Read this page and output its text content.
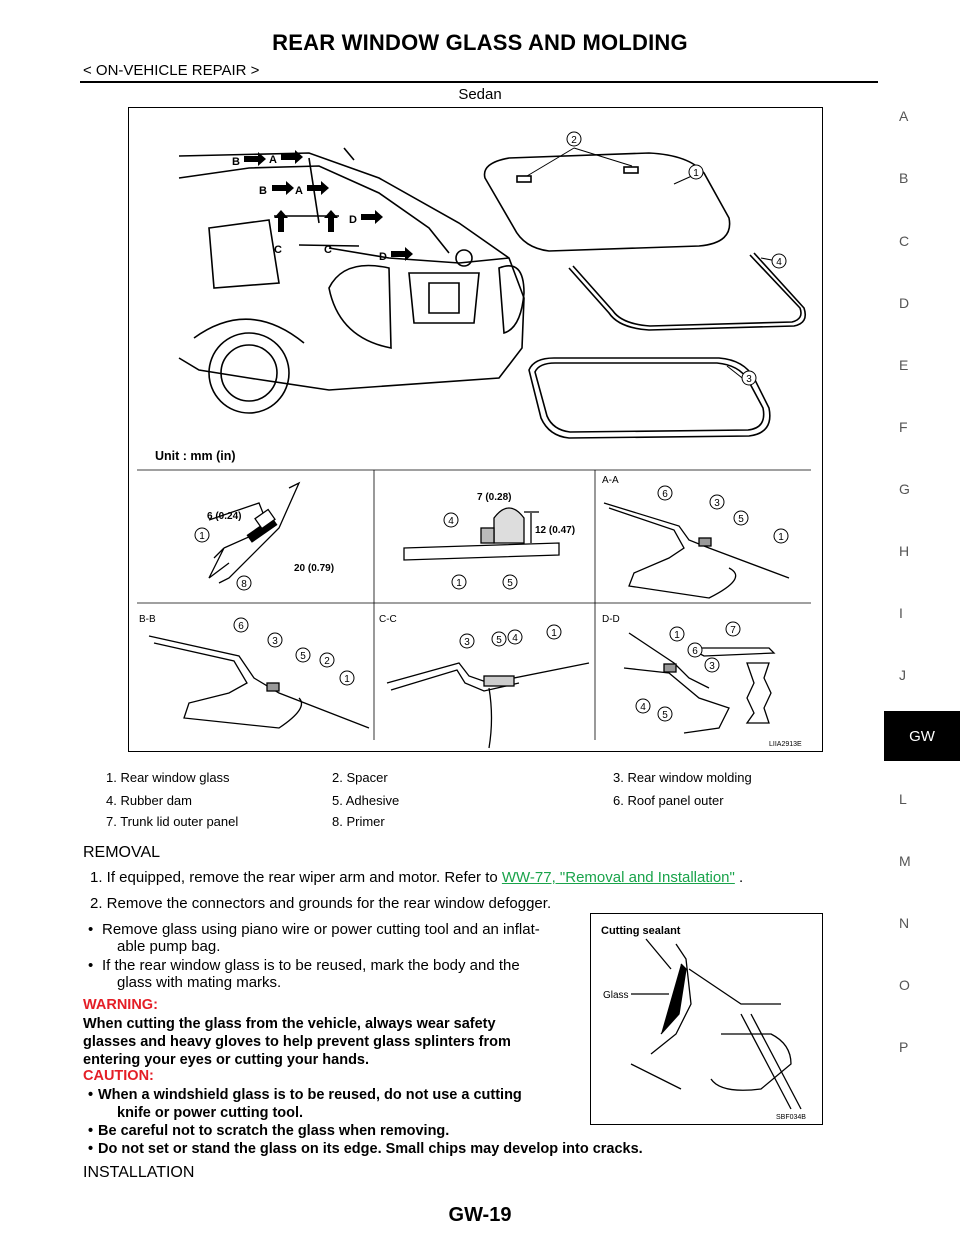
REAR WINDOW GLASS AND MOLDING
< ON-VEHICLE REPAIR >
Sedan
A
B
C
D
E
F
G
H
I
J
L
M
N
O
P
GW
2
1
4
3
B	A
B	A
D
C	C
D
Unit : mm (in)
6 (0.24)
20 (0.79)
1
8
7 (0.28)
12 (0.47)
4
1	5
A-A
6
3
5
1
B-B
6
3
5 2
1
C-C
3	5 4	1
D-D
1	7
6
3
4
5
LIIA2913E
1. Rear window glass	2. Spacer	3. Rear window molding
4. Rubber dam	5. Adhesive	6. Roof panel outer
7. Trunk lid outer panel	8. Primer
REMOVAL
1. If equipped, remove the rear wiper arm and motor. Refer to WW-77, "Removal and Installation" .
2. Remove the connectors and grounds for the rear window defogger.
• Remove glass using piano wire or power cutting tool and an inflat-
able pump bag.
• If the rear window glass is to be reused, mark the body and the
glass with mating marks.
WARNING:
When cutting the glass from the vehicle, always wear safety
glasses and heavy gloves to help prevent glass splinters from
entering your eyes or cutting your hands.
CAUTION:
• When a windshield glass is to be reused, do not use a cutting
knife or power cutting tool.
• Be careful not to scratch the glass when removing.
• Do not set or stand the glass on its edge. Small chips may develop into cracks.
Cutting sealant
Glass
SBF034B
INSTALLATION
GW-19
